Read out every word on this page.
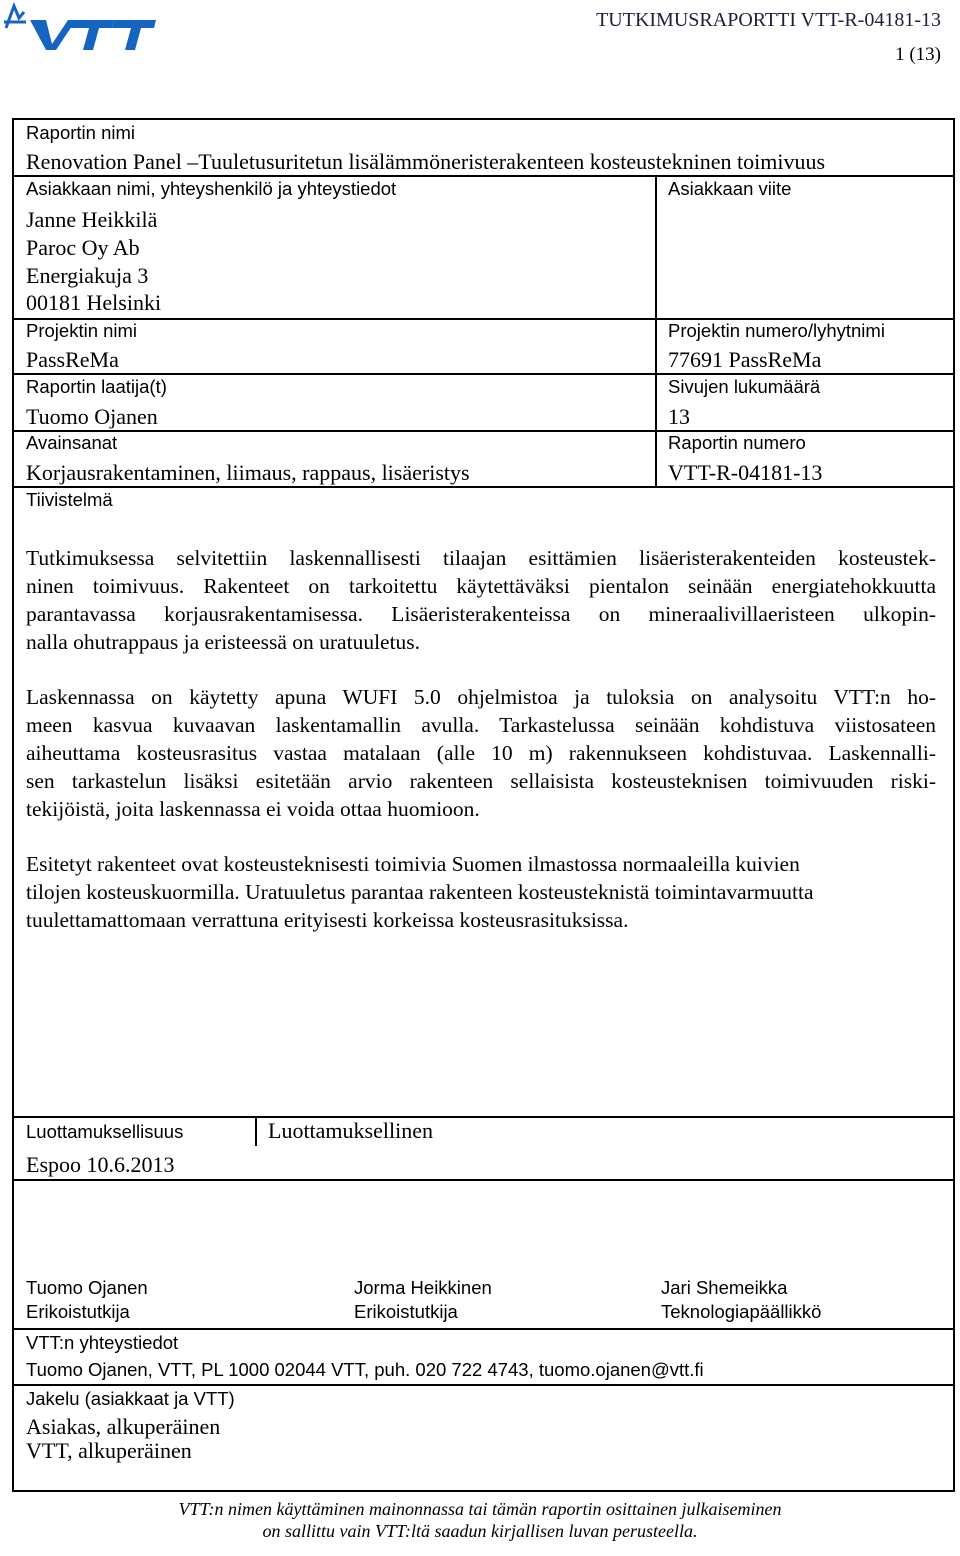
TUTKIMUSRAPORTTI VTT-R-04181-13
1 (13)
Raportin nimi
Renovation Panel –Tuuletusuritetun lisälämmöneristerakenteen kosteustekninen toimivuus
Asiakkaan nimi, yhteyshenkilö ja yhteystiedot	Asiakkaan viite
Janne Heikkilä
Paroc Oy Ab
Energiakuja 3
00181 Helsinki
Projektin nimi	Projektin numero/lyhytnimi
PassReMa	77691 PassReMa
Raportin laatija(t)	Sivujen lukumäärä
Tuomo Ojanen	13
Avainsanat	Raportin numero
Korjausrakentaminen, liimaus, rappaus, lisäeristys	VTT-R-04181-13
Tiivistelmä
Tutkimuksessa selvitettiin laskennallisesti tilaajan esittämien lisäeristerakenteiden kosteustek-
ninen toimivuus. Rakenteet on tarkoitettu käytettäväksi pientalon seinään energiatehokkuutta
parantavassa korjausrakentamisessa. Lisäeristerakenteissa on mineraalivillaeristeen ulkopin-
nalla ohutrappaus ja eristeessä on uratuuletus.
Laskennassa on käytetty apuna WUFI 5.0 ohjelmistoa ja tuloksia on analysoitu VTT:n ho-
meen kasvua kuvaavan laskentamallin avulla. Tarkastelussa seinään kohdistuva viistosateen
aiheuttama kosteusrasitus vastaa matalaan (alle 10 m) rakennukseen kohdistuvaa. Laskennalli-
sen tarkastelun lisäksi esitetään arvio rakenteen sellaisista kosteusteknisen toimivuuden riski-
tekijöistä, joita laskennassa ei voida ottaa huomioon.
Esitetyt rakenteet ovat kosteusteknisesti toimivia Suomen ilmastossa normaaleilla kuivien
tilojen kosteuskuormilla. Uratuuletus parantaa rakenteen kosteusteknistä toimintavarmuutta
tuulettamattomaan verrattuna erityisesti korkeissa kosteusrasituksissa.
Luottamuksellisuus	Luottamuksellinen
Espoo 10.6.2013
Tuomo Ojanen
Erikoistutkija
Jorma Heikkinen
Erikoistutkija
Jari Shemeikka
Teknologiapäällikkö
VTT:n yhteystiedot
Tuomo Ojanen, VTT, PL 1000 02044 VTT, puh. 020 722 4743, tuomo.ojanen@vtt.fi
Jakelu (asiakkaat ja VTT)
Asiakas, alkuperäinen
VTT, alkuperäinen
VTT:n nimen käyttäminen mainonnassa tai tämän raportin osittainen julkaiseminen
on sallittu vain VTT:ltä saadun kirjallisen luvan perusteella.
